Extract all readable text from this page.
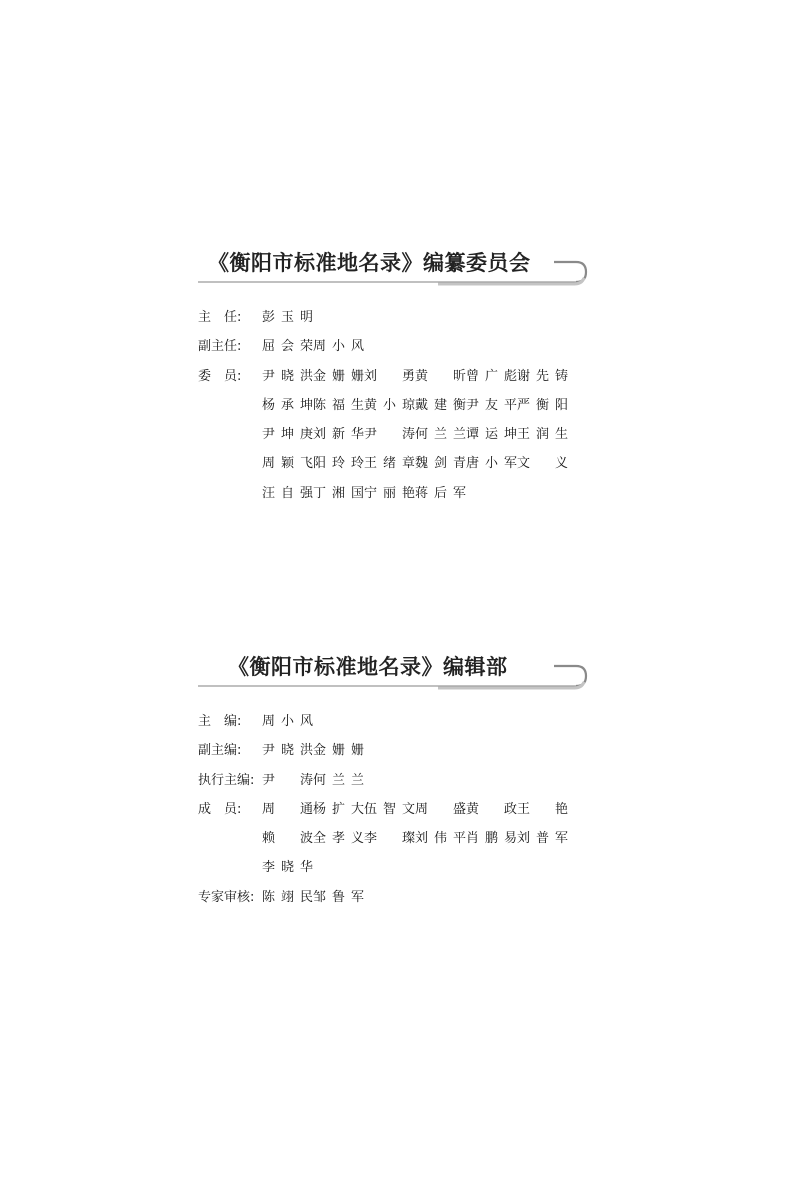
《衡阳市标准地名录》编纂委员会
主　任:	彭玉明
副主任:	屈会荣 周小风
委　员:	尹晓洪 金姗姗 刘　勇 黄　昕 曾广彪 谢先铸
杨承坤 陈福生 黄小琼 戴建衡 尹友平 严衡阳
尹坤庚 刘新华 尹　涛 何兰兰 谭运坤 王润生
周颖飞 阳玲玲 王绪章 魏剑青 唐小军 文　义
汪自强 丁湘国 宁丽艳 蒋后军
《衡阳市标准地名录》编辑部
主　编:	周小风
副主编:	尹晓洪 金姗姗
执行主编: 尹　涛 何兰兰
成　员:	周　通 杨扩大 伍智文 周　盛 黄　政 王　艳
赖　波 全孝义 李　璨 刘伟平 肖鹏易 刘普军
李晓华
专家审核: 陈翊民 邹鲁军
